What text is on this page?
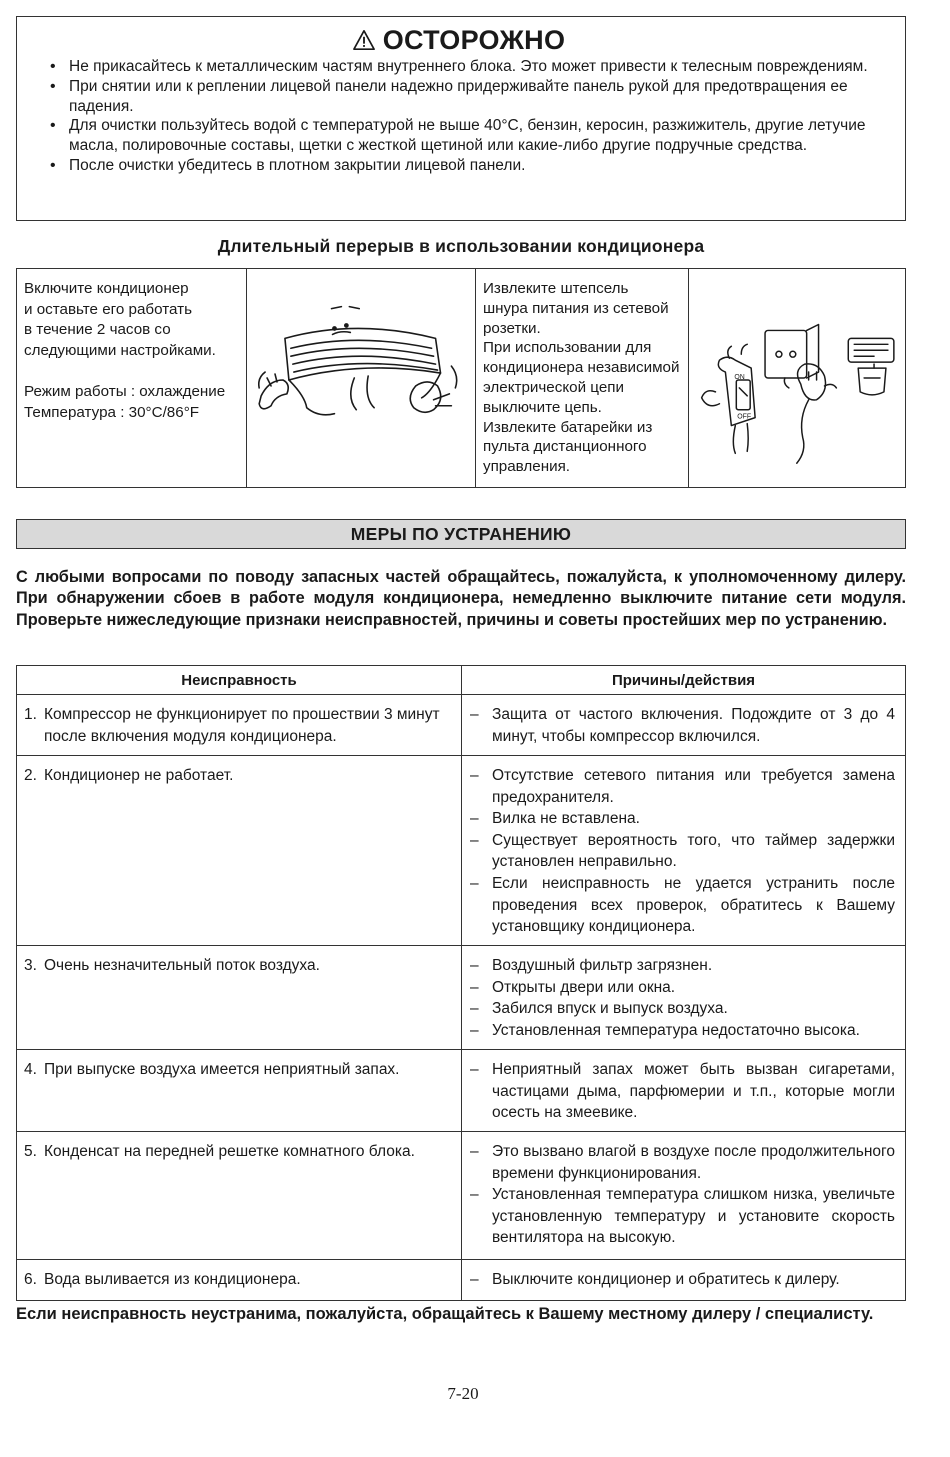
ОСТОРОЖНО
• Не прикасайтесь к металлическим частям внутреннего блока. Это может привести к телесным повреждениям.
• При снятии или к реплении лицевой панели надежно придерживайте панель рукой для предотвращения ее падения.
• Для очистки пользуйтесь водой с температурой не выше 40°C, бензин, керосин, разжижитель, другие летучие масла, полировочные составы, щетки с жесткой щетиной или какие-либо другие подручные средства.
• После очистки убедитесь в плотном закрытии лицевой панели.
Длительный перерыв в использовании кондиционера

Включите кондиционер
и оставьте его работать
в течение 2 часов со
следующими настройками.

Режим работы : охлаждение
Температура : 30°C/86°F

Извлеките штепсель
шнура питания из сетевой
розетки.
При использовании для
кондиционера независимой
электрической цепи
выключите цепь.
Извлеките батарейки из
пульта дистанционного
управления.

ON
OFF
МЕРЫ ПО УСТРАНЕНИЮ

С любыми вопросами по поводу запасных частей обращайтесь, пожалуйста, к уполномоченному дилеру. При обнаружении сбоев в работе модуля кондиционера, немедленно выключите питание сети модуля. Проверьте нижеследующие признаки неисправностей, причины и советы простейших мер по устранению.

Неисправность	Причины/действия
1. Компрессор не функционирует по прошествии 3 минут после включения модуля кондиционера.
– Защита от частого включения. Подождите от 3 до 4 минут, чтобы компрессор включился.
2. Кондиционер не работает.	– Отсутствие сетевого питания или требуется замена предохранителя.
– Вилка не вставлена.
– Существует вероятность того, что таймер задержки установлен неправильно.
– Если неисправность не удается устранить после проведения всех проверок, обратитесь к Вашему установщику кондиционера.
3. Очень незначительный поток воздуха.	– Воздушный фильтр загрязнен.
– Открыты двери или окна.
– Забился впуск и выпуск воздуха.
– Установленная температура недостаточно высока.
4. При выпуске воздуха имеется неприятный запах.	– Неприятный запах может быть вызван сигаретами, частицами дыма, парфюмерии и т.п., которые могли осесть на змеевике.
5. Конденсат на передней решетке комнатного блока.	– Это вызвано влагой в воздухе после продолжительного времени функционирования.
– Установленная температура слишком низка, увеличьте установленную температуру и установите скорость вентилятора на высокую.
6. Вода выливается из кондиционера.	– Выключите кондиционер и обратитесь к дилеру.

Если неисправность неустранима, пожалуйста, обращайтесь к Вашему местному дилеру / специалисту.

7-20
